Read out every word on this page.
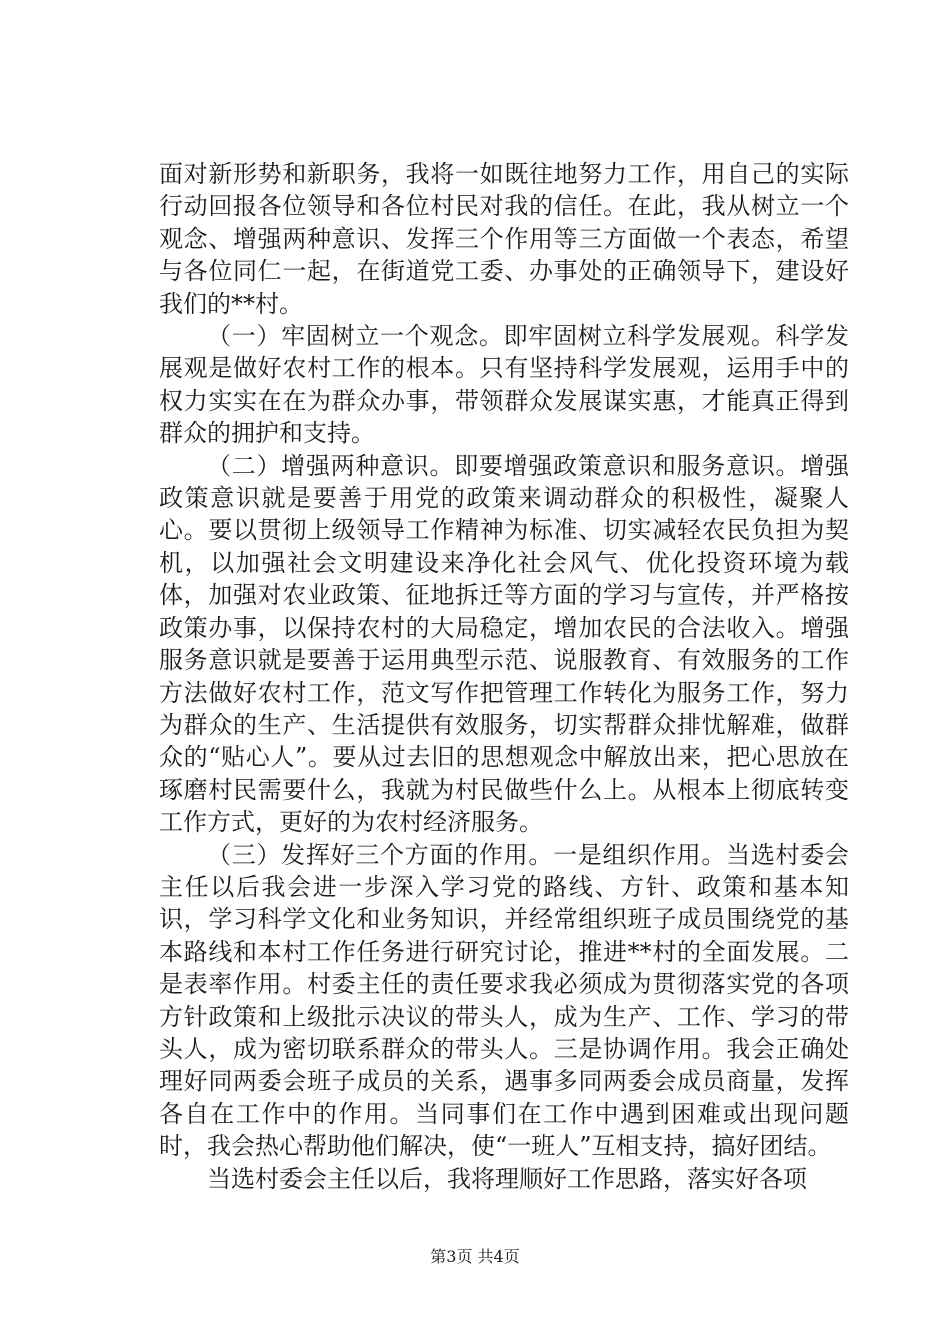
面对新形势和新职务，我将一如既往地努力工作，用自己的实际行动回报各位领导和各位村民对我的信任。在此，我从树立一个观念、增强两种意识、发挥三个作用等三方面做一个表态，希望与各位同仁一起，在街道党工委、办事处的正确领导下，建设好我们的**村。

（一）牢固树立一个观念。即牢固树立科学发展观。科学发展观是做好农村工作的根本。只有坚持科学发展观，运用手中的权力实实在在为群众办事，带领群众发展谋实惠，才能真正得到群众的拥护和支持。

（二）增强两种意识。即要增强政策意识和服务意识。增强政策意识就是要善于用党的政策来调动群众的积极性，凝聚人心。要以贯彻上级领导工作精神为标准、切实减轻农民负担为契机，以加强社会文明建设来净化社会风气、优化投资环境为载体，加强对农业政策、征地拆迁等方面的学习与宣传，并严格按政策办事，以保持农村的大局稳定，增加农民的合法收入。增强服务意识就是要善于运用典型示范、说服教育、有效服务的工作方法做好农村工作，范文写作把管理工作转化为服务工作，努力为群众的生产、生活提供有效服务，切实帮群众排忧解难，做群众的“贴心人”。要从过去旧的思想观念中解放出来，把心思放在琢磨村民需要什么，我就为村民做些什么上。从根本上彻底转变工作方式，更好的为农村经济服务。

（三）发挥好三个方面的作用。一是组织作用。当选村委会主任以后我会进一步深入学习党的路线、方针、政策和基本知识，学习科学文化和业务知识，并经常组织班子成员围绕党的基本路线和本村工作任务进行研究讨论，推进**村的全面发展。二是表率作用。村委主任的责任要求我必须成为贯彻落实党的各项方针政策和上级批示决议的带头人，成为生产、工作、学习的带头人，成为密切联系群众的带头人。三是协调作用。我会正确处理好同两委会班子成员的关系，遇事多同两委会成员商量，发挥各自在工作中的作用。当同事们在工作中遇到困难或出现问题时，我会热心帮助他们解决，使“一班人”互相支持，搞好团结。

当选村委会主任以后，我将理顺好工作思路，落实好各项

第3页 共4页
